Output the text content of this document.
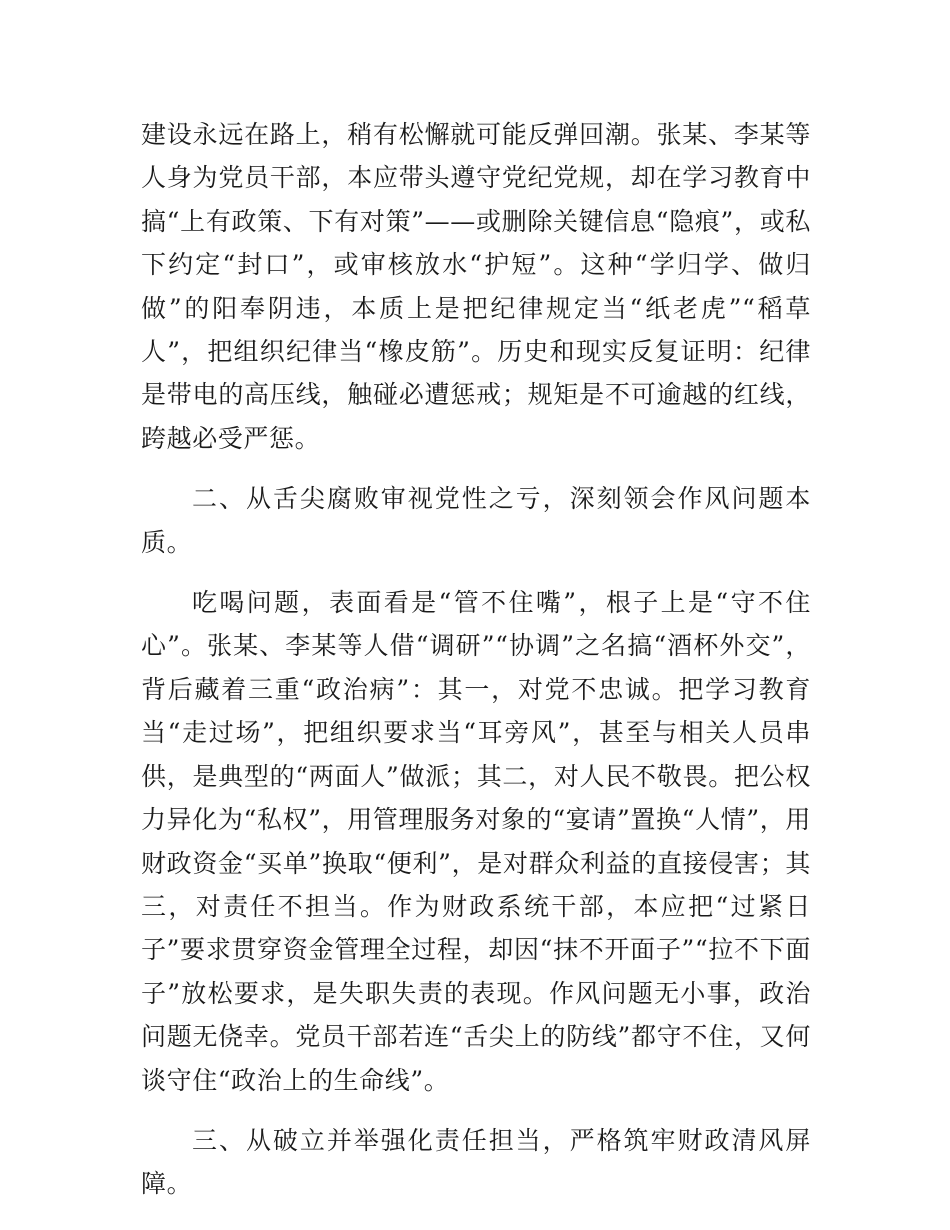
建设永远在路上，稍有松懈就可能反弹回潮。张某、李某等人身为党员干部，本应带头遵守党纪党规，却在学习教育中搞“上有政策、下有对策”——或删除关键信息“隐痕”，或私下约定“封口”，或审核放水“护短”。这种“学归学、做归做”的阳奉阴违，本质上是把纪律规定当“纸老虎”“稻草人”，把组织纪律当“橡皮筋”。历史和现实反复证明：纪律是带电的高压线，触碰必遭惩戒；规矩是不可逾越的红线，跨越必受严惩。

二、从舌尖腐败审视党性之亏，深刻领会作风问题本质。

吃喝问题，表面看是“管不住嘴”，根子上是“守不住心”。张某、李某等人借“调研”“协调”之名搞“酒杯外交”，背后藏着三重“政治病”：其一，对党不忠诚。把学习教育当“走过场”，把组织要求当“耳旁风”，甚至与相关人员串供，是典型的“两面人”做派；其二，对人民不敬畏。把公权力异化为“私权”，用管理服务对象的“宴请”置换“人情”，用财政资金“买单”换取“便利”，是对群众利益的直接侵害；其三，对责任不担当。作为财政系统干部，本应把“过紧日子”要求贯穿资金管理全过程，却因“抹不开面子”“拉不下面子”放松要求，是失职失责的表现。作风问题无小事，政治问题无侥幸。党员干部若连“舌尖上的防线”都守不住，又何谈守住“政治上的生命线”。

三、从破立并举强化责任担当，严格筑牢财政清风屏障。
